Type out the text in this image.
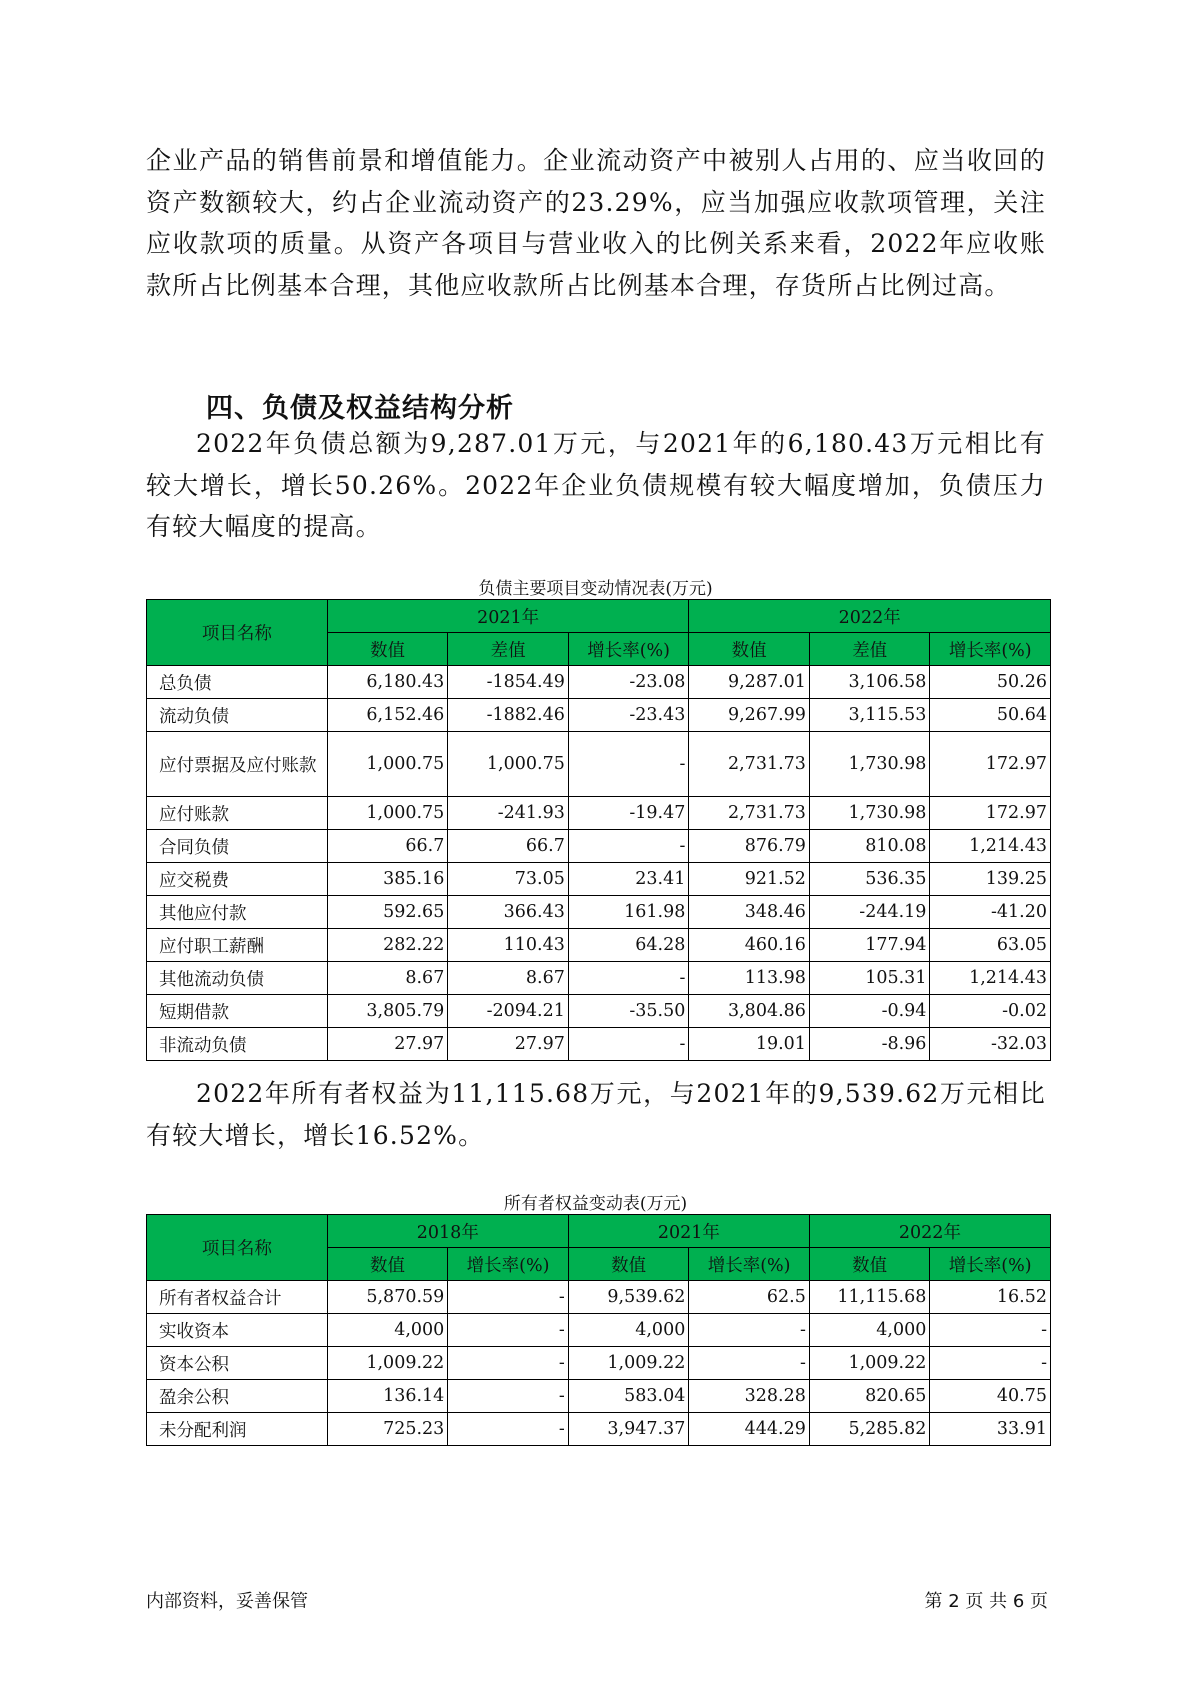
企业产品的销售前景和增值能力。企业流动资产中被别人占用的、应当收回的资产数额较大，约占企业流动资产的23.29%，应当加强应收款项管理，关注应收款项的质量。从资产各项目与营业收入的比例关系来看，2022年应收账款所占比例基本合理，其他应收款所占比例基本合理，存货所占比例过高。
四、负债及权益结构分析
2022年负债总额为9,287.01万元，与2021年的6,180.43万元相比有较大增长，增长50.26%。2022年企业负债规模有较大幅度增加，负债压力有较大幅度的提高。
负债主要项目变动情况表(万元)
项目名称	2021年			2022年		
	数值	差值	增长率(%)	数值	差值	增长率(%)
总负债	6,180.43	-1854.49	-23.08	9,287.01	3,106.58	50.26
流动负债	6,152.46	-1882.46	-23.43	9,267.99	3,115.53	50.64
应付票据及应付账款	1,000.75	1,000.75	-	2,731.73	1,730.98	172.97
应付账款	1,000.75	-241.93	-19.47	2,731.73	1,730.98	172.97
合同负债	66.7	66.7	-	876.79	810.08	1,214.43
应交税费	385.16	73.05	23.41	921.52	536.35	139.25
其他应付款	592.65	366.43	161.98	348.46	-244.19	-41.20
应付职工薪酬	282.22	110.43	64.28	460.16	177.94	63.05
其他流动负债	8.67	8.67	-	113.98	105.31	1,214.43
短期借款	3,805.79	-2094.21	-35.50	3,804.86	-0.94	-0.02
非流动负债	27.97	27.97	-	19.01	-8.96	-32.03
2022年所有者权益为11,115.68万元，与2021年的9,539.62万元相比有较大增长，增长16.52%。
所有者权益变动表(万元)
项目名称	2018年		2021年		2022年	
	数值	增长率(%)	数值	增长率(%)	数值	增长率(%)
所有者权益合计	5,870.59	-	9,539.62	62.5	11,115.68	16.52
实收资本	4,000	-	4,000	-	4,000	-
资本公积	1,009.22	-	1,009.22	-	1,009.22	-
盈余公积	136.14	-	583.04	328.28	820.65	40.75
未分配利润	725.23	-	3,947.37	444.29	5,285.82	33.91
内部资料，妥善保管	第 2 页 共 6 页
